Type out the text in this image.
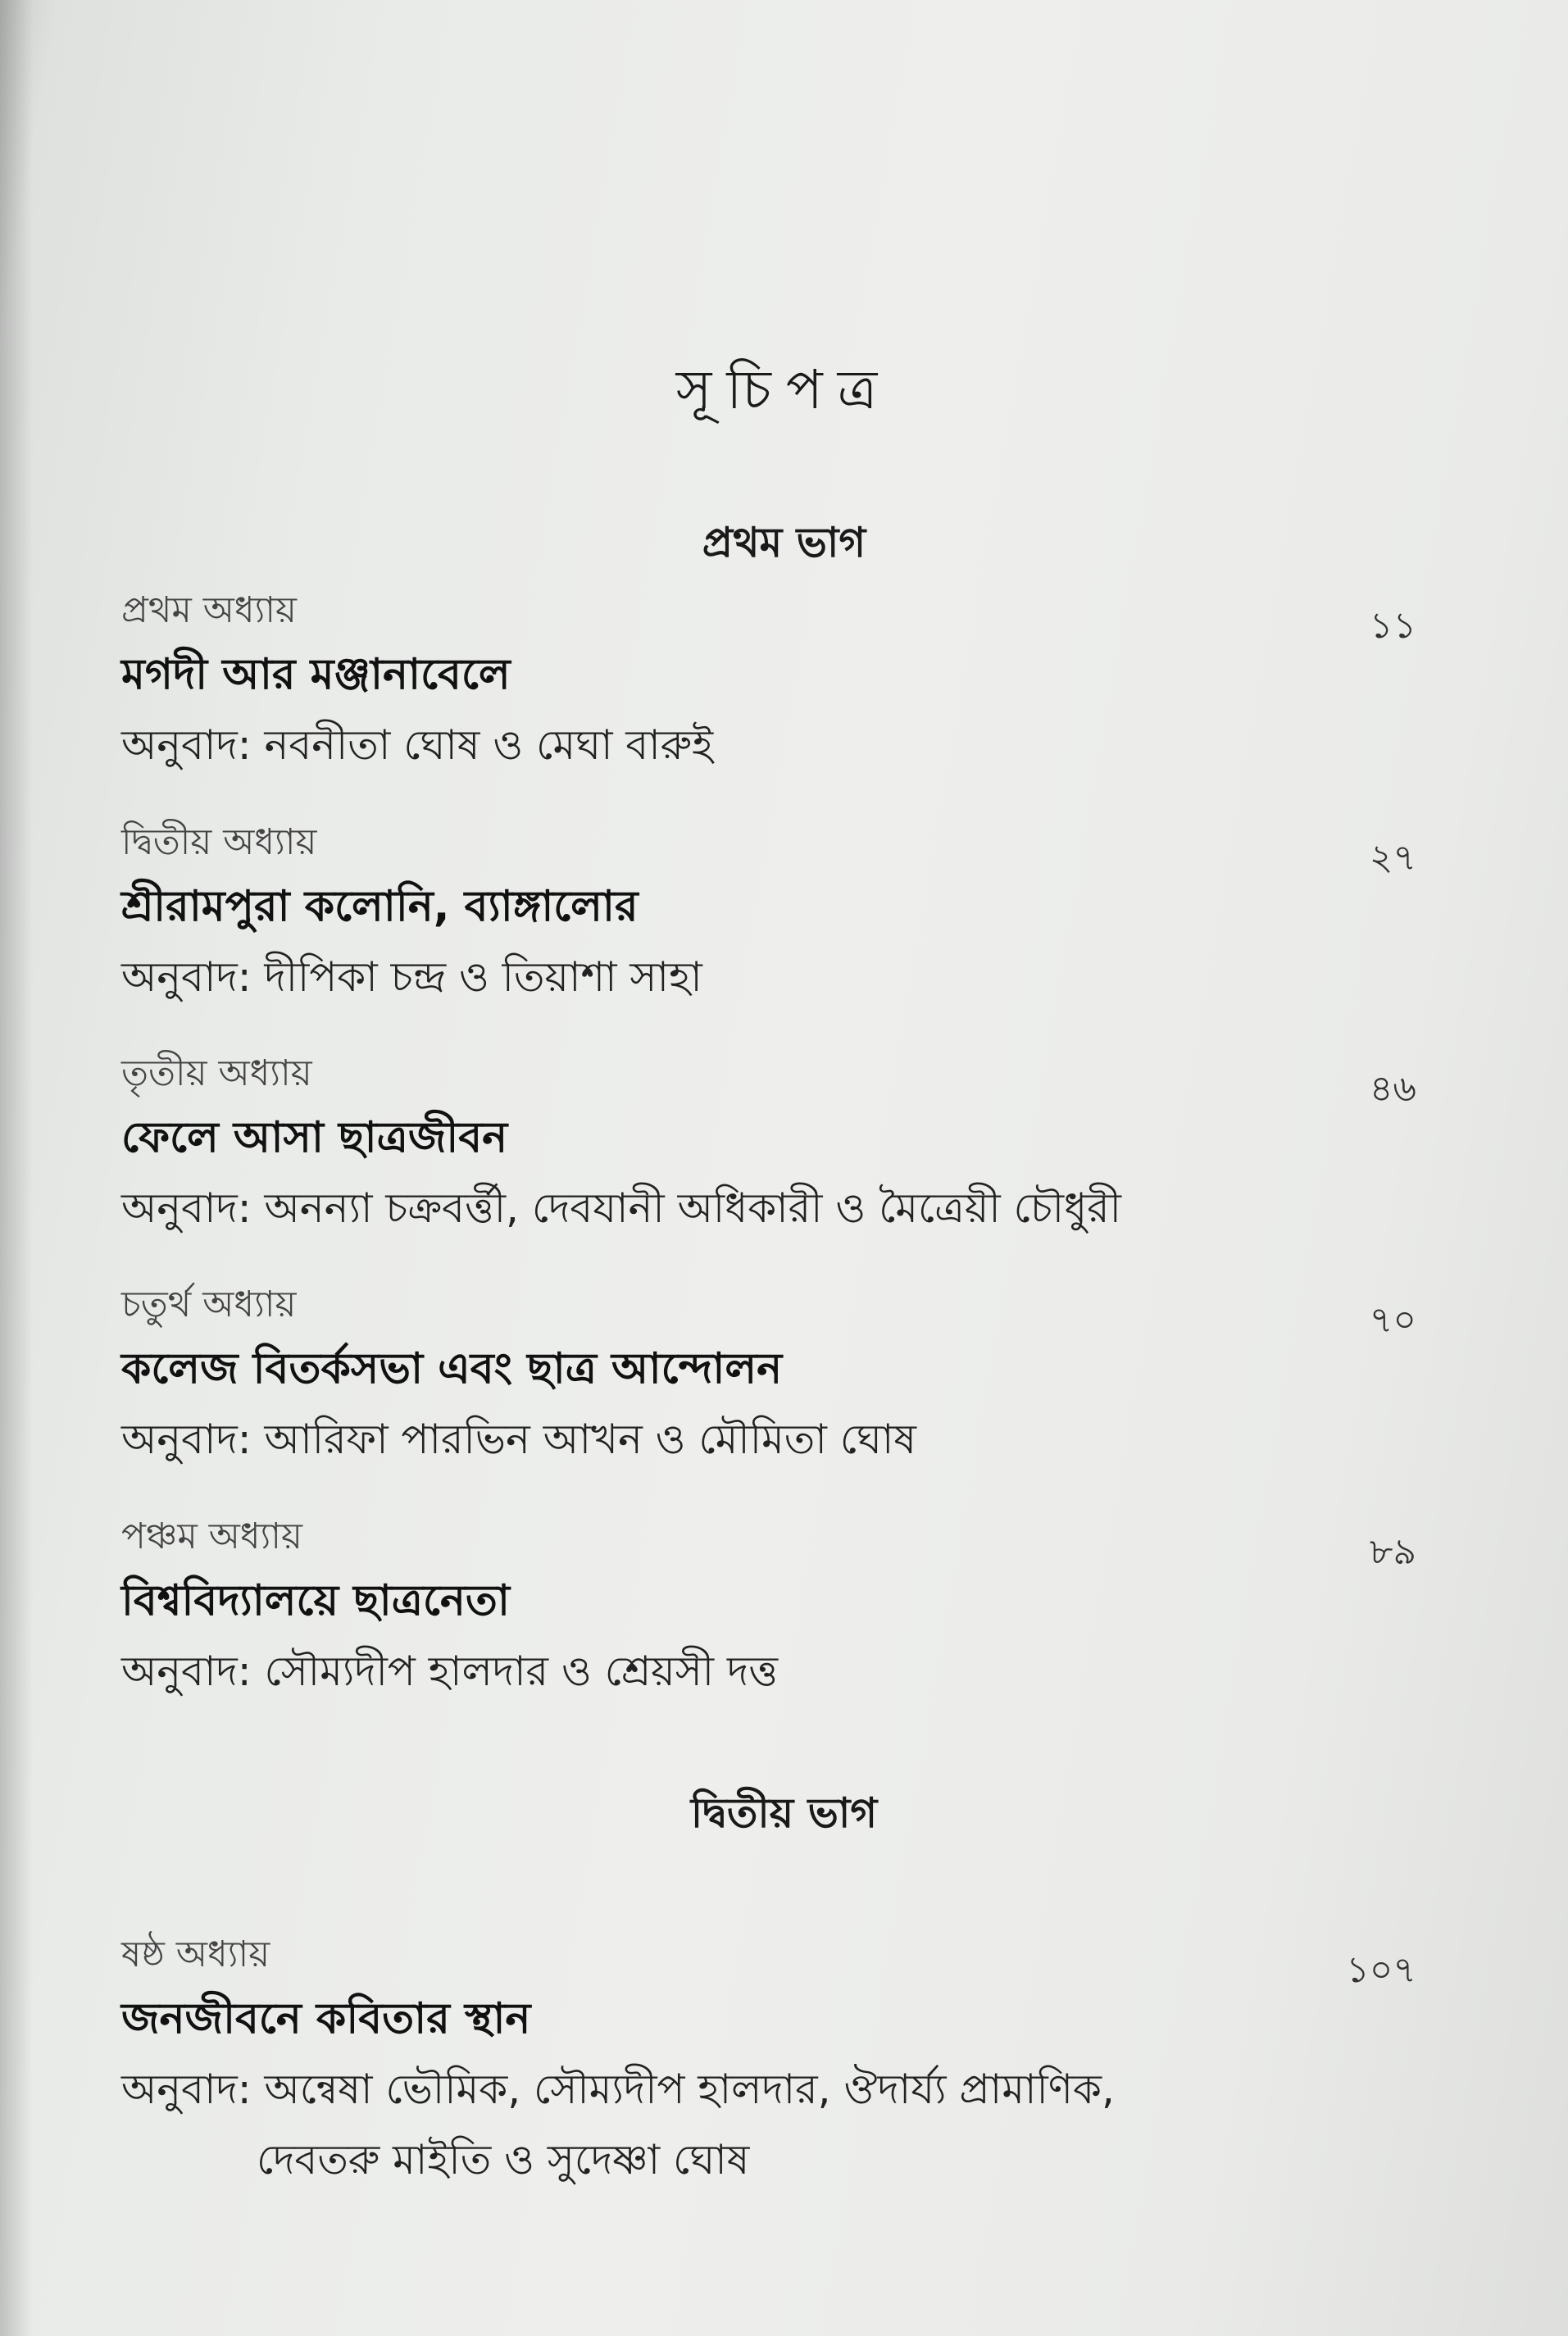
সূচিপত্র
প্রথম ভাগ
প্রথম অধ্যায়	১১
মগদী আর মঞ্জানাবেলে
অনুবাদ: নবনীতা ঘোষ ও মেঘা বারুই
দ্বিতীয় অধ্যায়	২৭
শ্রীরামপুরা কলোনি, ব্যাঙ্গালোর
অনুবাদ: দীপিকা চন্দ্র ও তিয়াশা সাহা
তৃতীয় অধ্যায়	৪৬
ফেলে আসা ছাত্রজীবন
অনুবাদ: অনন্যা চক্রবর্ত্তী, দেবযানী অধিকারী ও মৈত্রেয়ী চৌধুরী
চতুর্থ অধ্যায়	৭০
কলেজ বিতর্কসভা এবং ছাত্র আন্দোলন
অনুবাদ: আরিফা পারভিন আখন ও মৌমিতা ঘোষ
পঞ্চম অধ্যায়	৮৯
বিশ্ববিদ্যালয়ে ছাত্রনেতা
অনুবাদ: সৌম্যদীপ হালদার ও শ্রেয়সী দত্ত
দ্বিতীয় ভাগ
ষষ্ঠ অধ্যায়	১০৭
জনজীবনে কবিতার স্থান
অনুবাদ: অন্বেষা ভৌমিক, সৌম্যদীপ হালদার, ঔদার্য্য প্রামাণিক,
দেবতরু মাইতি ও সুদেষ্ণা ঘোষ
